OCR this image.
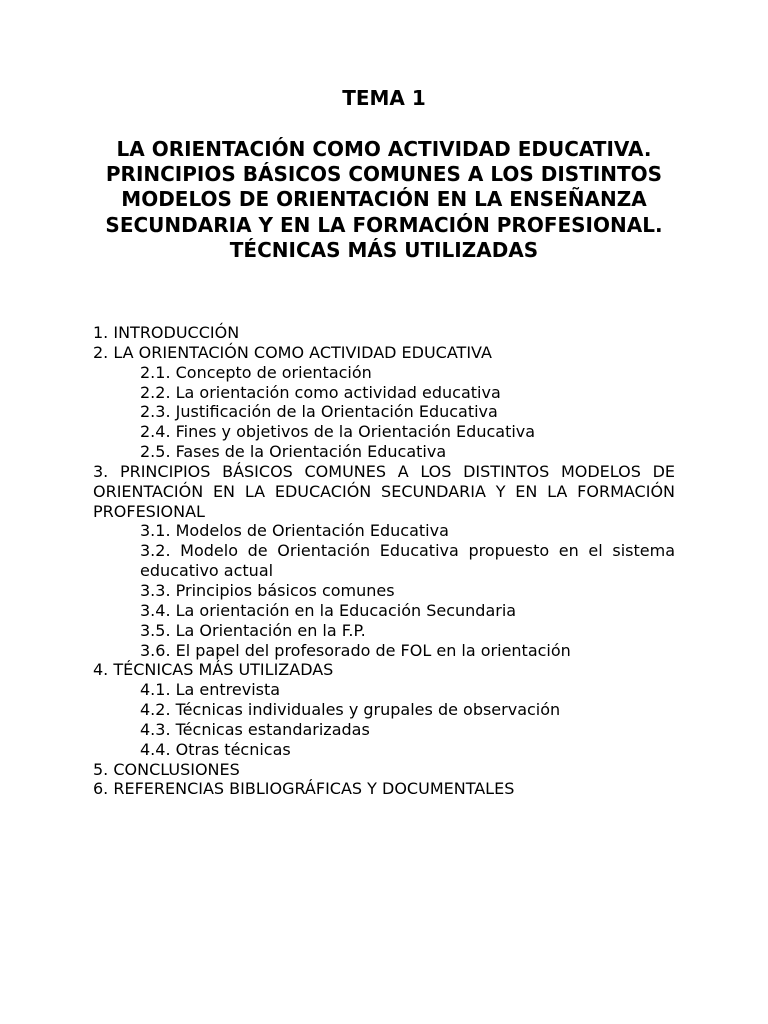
TEMA 1
LA ORIENTACIÓN COMO ACTIVIDAD EDUCATIVA. PRINCIPIOS BÁSICOS COMUNES A LOS DISTINTOS MODELOS DE ORIENTACIÓN EN LA ENSEÑANZA SECUNDARIA Y EN LA FORMACIÓN PROFESIONAL. TÉCNICAS MÁS UTILIZADAS
1. INTRODUCCIÓN
2. LA ORIENTACIÓN COMO ACTIVIDAD EDUCATIVA
2.1. Concepto de orientación
2.2. La orientación como actividad educativa
2.3. Justificación de la Orientación Educativa
2.4. Fines y objetivos de la Orientación Educativa
2.5. Fases de la Orientación Educativa
3. PRINCIPIOS BÁSICOS COMUNES A LOS DISTINTOS MODELOS DE ORIENTACIÓN EN LA EDUCACIÓN SECUNDARIA Y EN LA FORMACIÓN PROFESIONAL
3.1. Modelos de Orientación Educativa
3.2. Modelo de Orientación Educativa propuesto en el sistema educativo actual
3.3. Principios básicos comunes
3.4. La orientación en la Educación Secundaria
3.5. La Orientación en la F.P.
3.6. El papel del profesorado de FOL en la orientación
4. TÉCNICAS MÁS UTILIZADAS
4.1. La entrevista
4.2. Técnicas individuales y grupales de observación
4.3. Técnicas estandarizadas
4.4. Otras técnicas
5. CONCLUSIONES
6. REFERENCIAS BIBLIOGRÁFICAS Y DOCUMENTALES
